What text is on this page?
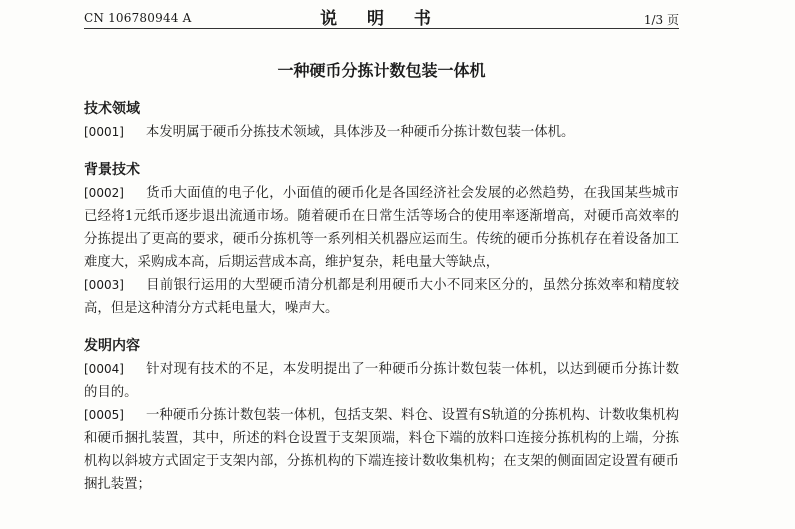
CN 106780944 A	说 明 书	1/3 页
一种硬币分拣计数包装一体机
技术领域

[0001] 本发明属于硬币分拣技术领域，具体涉及一种硬币分拣计数包装一体机。

背景技术

[0002] 货币大面值的电子化，小面值的硬币化是各国经济社会发展的必然趋势，在我国某些城市已经将1元纸币逐步退出流通市场。随着硬币在日常生活等场合的使用率逐渐增高，对硬币高效率的分拣提出了更高的要求，硬币分拣机等一系列相关机器应运而生。传统的硬币分拣机存在着设备加工难度大，采购成本高，后期运营成本高，维护复杂，耗电量大等缺点，

[0003] 目前银行运用的大型硬币清分机都是利用硬币大小不同来区分的，虽然分拣效率和精度较高，但是这种清分方式耗电量大，噪声大。

发明内容

[0004] 针对现有技术的不足，本发明提出了一种硬币分拣计数包装一体机，以达到硬币分拣计数的目的。

[0005] 一种硬币分拣计数包装一体机，包括支架、料仓、设置有S轨道的分拣机构、计数收集机构和硬币捆扎装置，其中，所述的料仓设置于支架顶端，料仓下端的放料口连接分拣机构的上端，分拣机构以斜坡方式固定于支架内部，分拣机构的下端连接计数收集机构；在支架的侧面固定设置有硬币捆扎装置；
